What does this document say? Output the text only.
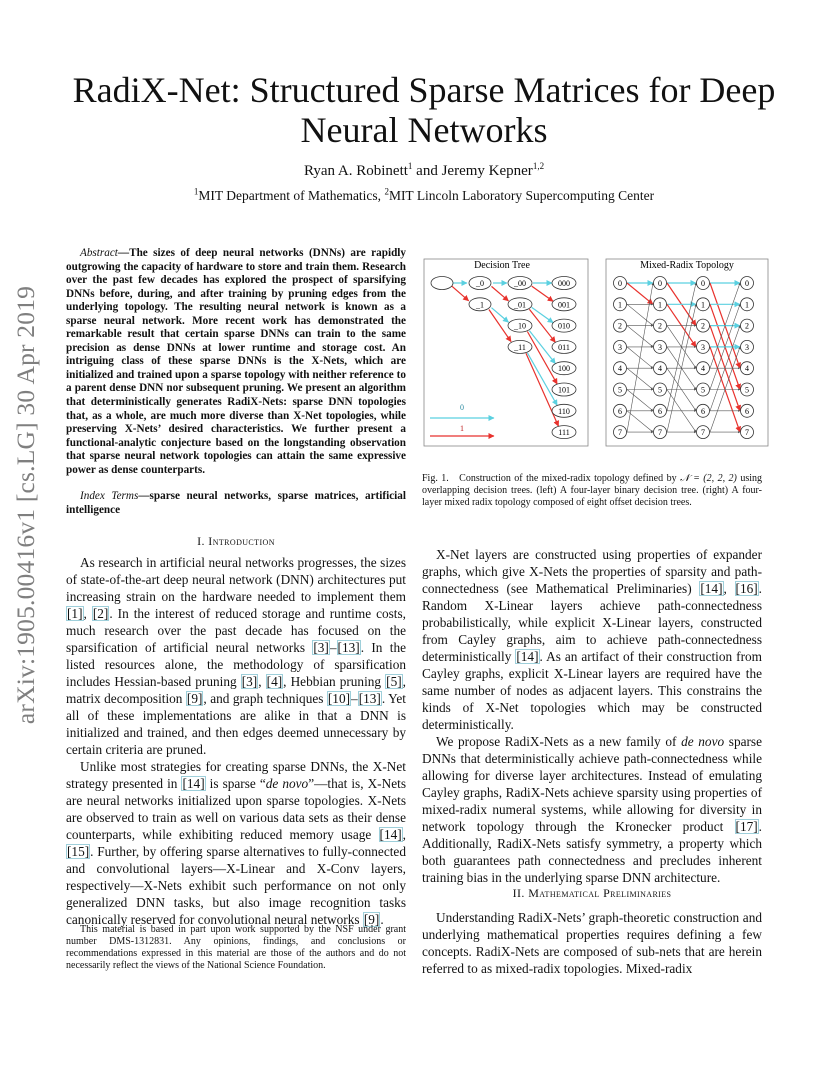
arXiv:1905.00416v1 [cs.LG] 30 Apr 2019
RadiX-Net: Structured Sparse Matrices for Deep
Neural Networks
Ryan A. Robinett$^1$ and Jeremy Kepner$^{1,2}$
$^1$MIT Department of Mathematics, $^2$MIT Lincoln Laboratory Supercomputing Center

Abstract—The sizes of deep neural networks (DNNs) are rapidly outgrowing the capacity of hardware to store and train them. Research over the past few decades has explored the prospect of sparsifying DNNs before, during, and after training by pruning edges from the underlying topology. The resulting neural network is known as a sparse neural network. More recent work has demonstrated the remarkable result that certain sparse DNNs can train to the same precision as dense DNNs at lower runtime and storage cost. An intriguing class of these sparse DNNs is the X-Nets, which are initialized and trained upon a sparse topology with neither reference to a parent dense DNN nor subsequent pruning. We present an algorithm that deterministically generates RadiX-Nets: sparse DNN topologies that, as a whole, are much more diverse than X-Net topologies, while preserving X-Nets’ desired characteristics. We further present a functional-analytic conjecture based on the longstanding observation that sparse neural network topologies can attain the same expressive power as dense counterparts.

Index Terms—sparse neural networks, sparse matrices, artificial intelligence

I. Introduction

As research in artificial neural networks progresses, the sizes of state-of-the-art deep neural network (DNN) architectures put increasing strain on the hardware needed to implement them [1], [2]. In the interest of reduced storage and runtime costs, much research over the past decade has focused on the sparsification of artificial neural networks [3]–[13]. In the listed resources alone, the methodology of sparsification includes Hessian-based pruning [3], [4], Hebbian pruning [5], matrix decomposition [9], and graph techniques [10]–[13]. Yet all of these implementations are alike in that a DNN is initialized and trained, and then edges deemed unnecessary by certain criteria are pruned.

Unlike most strategies for creating sparse DNNs, the X-Net strategy presented in [14] is sparse “de novo”—that is, X-Nets are neural networks initialized upon sparse topologies. X-Nets are observed to train as well on various data sets as their dense counterparts, while exhibiting reduced memory usage [14], [15]. Further, by offering sparse alternatives to fully-connected and convolutional layers—X-Linear and X-Conv layers, respectively—X-Nets exhibit such performance on not only generalized DNN tasks, but also image recognition tasks canonically reserved for convolutional neural networks [9].

This material is based in part upon work supported by the NSF under grant number DMS-1312831. Any opinions, findings, and conclusions or recommendations expressed in this material are those of the authors and do not necessarily reflect the views of the National Science Foundation.

Decision Tree	Mixed-Radix Topology
_0
_1
_00
_01
_10
_11
000
001
010
011
100
101
110
111
0
1
2
3
4
5
6
7
0
1
2
3
4
5
6
7
0
1
2
3
4
5
6
7
0
1
2
3
4
5
6
7
0
1
Fig. 1.   Construction of the mixed-radix topology defined by 𝒩 = (2, 2, 2) using overlapping decision trees. (left) A four-layer binary decision tree. (right) A four-layer mixed radix topology composed of eight offset decision trees.

X-Net layers are constructed using properties of expander graphs, which give X-Nets the properties of sparsity and path-connectedness (see Mathematical Preliminaries) [14], [16]. Random X-Linear layers achieve path-connectedness probabilistically, while explicit X-Linear layers, constructed from Cayley graphs, aim to achieve path-connectedness deterministically [14]. As an artifact of their construction from Cayley graphs, explicit X-Linear layers are required have the same number of nodes as adjacent layers. This constrains the kinds of X-Net topologies which may be constructed deterministically.

We propose RadiX-Nets as a new family of de novo sparse DNNs that deterministically achieve path-connectedness while allowing for diverse layer architectures. Instead of emulating Cayley graphs, RadiX-Nets achieve sparsity using properties of mixed-radix numeral systems, while allowing for diversity in network topology through the Kronecker product [17]. Additionally, RadiX-Nets satisfy symmetry, a property which both guarantees path connectedness and precludes inherent training bias in the underlying sparse DNN architecture.

II. Mathematical Preliminaries

Understanding RadiX-Nets’ graph-theoretic construction and underlying mathematical properties requires defining a few concepts. RadiX-Nets are composed of sub-nets that are herein referred to as mixed-radix topologies. Mixed-radix
